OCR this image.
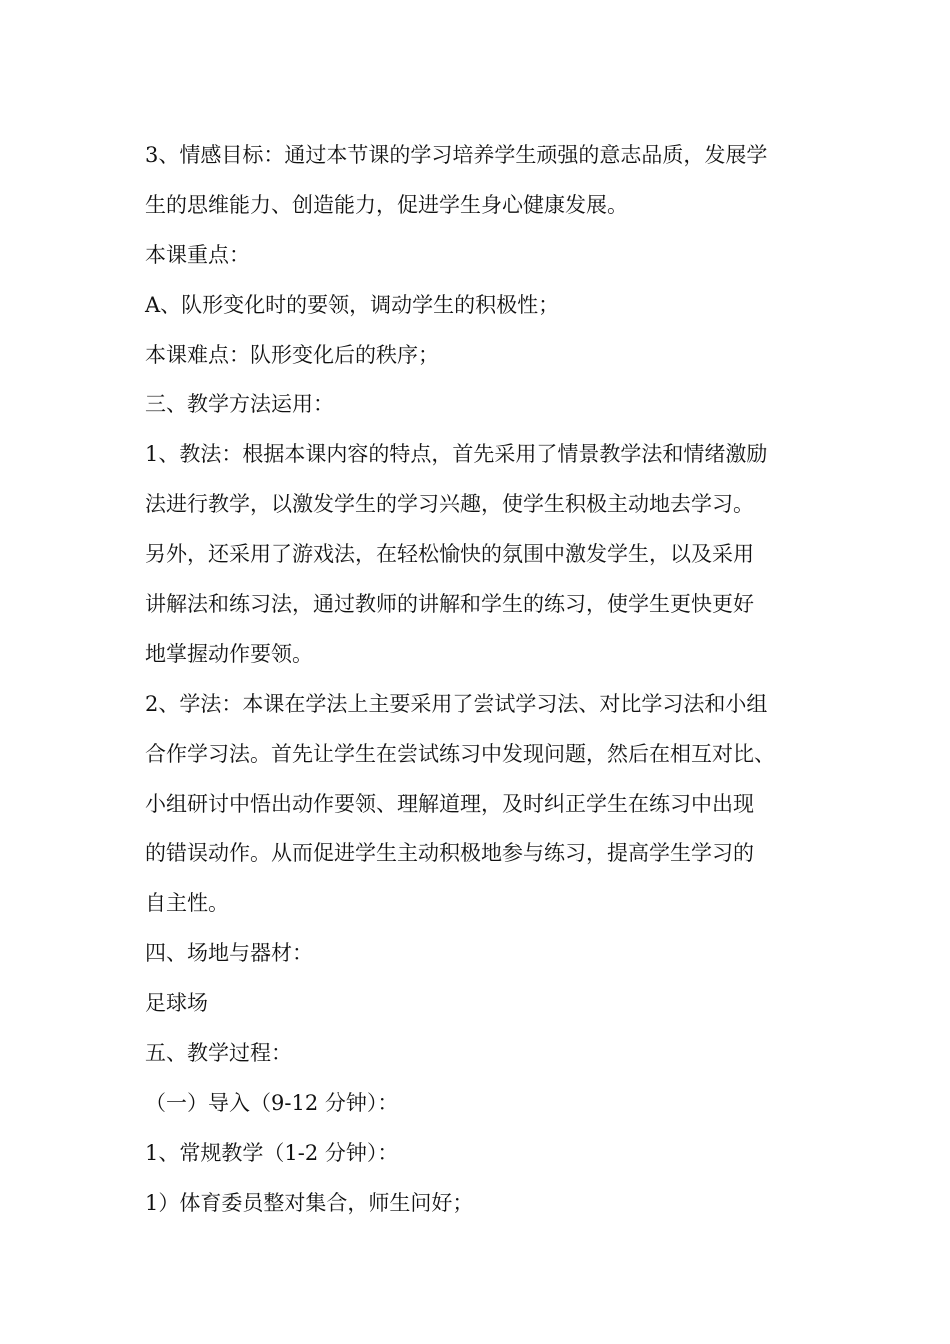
3、情感目标：通过本节课的学习培养学生顽强的意志品质，发展学
生的思维能力、创造能力，促进学生身心健康发展。
本课重点：
A、队形变化时的要领，调动学生的积极性；
本课难点：队形变化后的秩序；
三、教学方法运用：
1、教法：根据本课内容的特点，首先采用了情景教学法和情绪激励
法进行教学，以激发学生的学习兴趣，使学生积极主动地去学习。
另外，还采用了游戏法，在轻松愉快的氛围中激发学生，以及采用
讲解法和练习法，通过教师的讲解和学生的练习，使学生更快更好
地掌握动作要领。
2、学法：本课在学法上主要采用了尝试学习法、对比学习法和小组
合作学习法。首先让学生在尝试练习中发现问题，然后在相互对比、
小组研讨中悟出动作要领、理解道理，及时纠正学生在练习中出现
的错误动作。从而促进学生主动积极地参与练习，提高学生学习的
自主性。
四、场地与器材：
足球场
五、教学过程：
（一）导入（9-12 分钟）：
1、常规教学（1-2 分钟）：
1）体育委员整对集合，师生问好；
